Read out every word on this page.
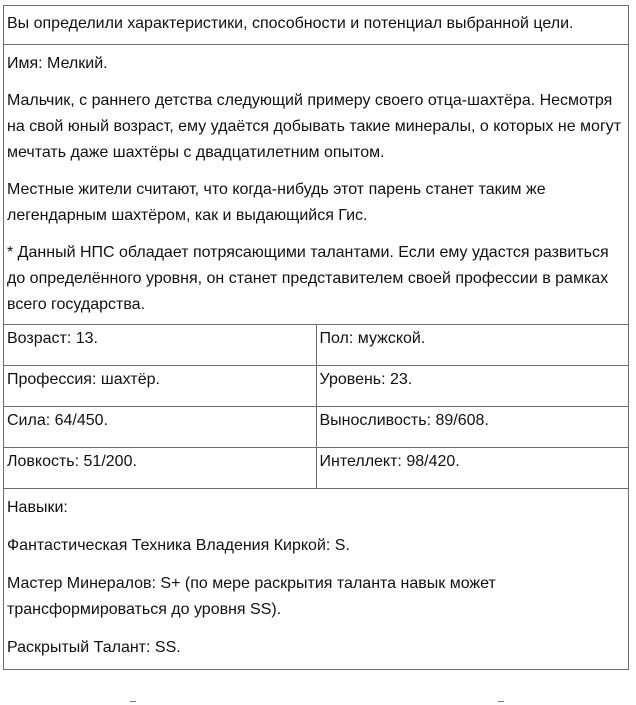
Вы определили характеристики, способности и потенциал выбранной цели.	

Имя: Мелкий.

Мальчик, с раннего детства следующий примеру своего отца-шахтёра. Несмотря на свой юный возраст, ему удаётся добывать такие минералы, о которых не могут мечтать даже шахтёры с двадцатилетним опытом.

Местные жители считают, что когда-нибудь этот парень станет таким же легендарным шахтёром, как и выдающийся Гис.

* Данный НПС обладает потрясающими талантами. Если ему удастся развиться до определённого уровня, он станет представителем своей профессии в рамках всего государства.	

Возраст: 13.	Пол: мужской.

Профессия: шахтёр.	Уровень: 23.

Сила: 64/450.	Выносливость: 89/608.

Ловкость: 51/200.	Интеллект: 98/420.

Навыки:

Фантастическая Техника Владения Киркой: S.

Мастер Минералов: S+ (по мере раскрытия таланта навык может трансформироваться до уровня SS).

Раскрытый Талант: SS.	
